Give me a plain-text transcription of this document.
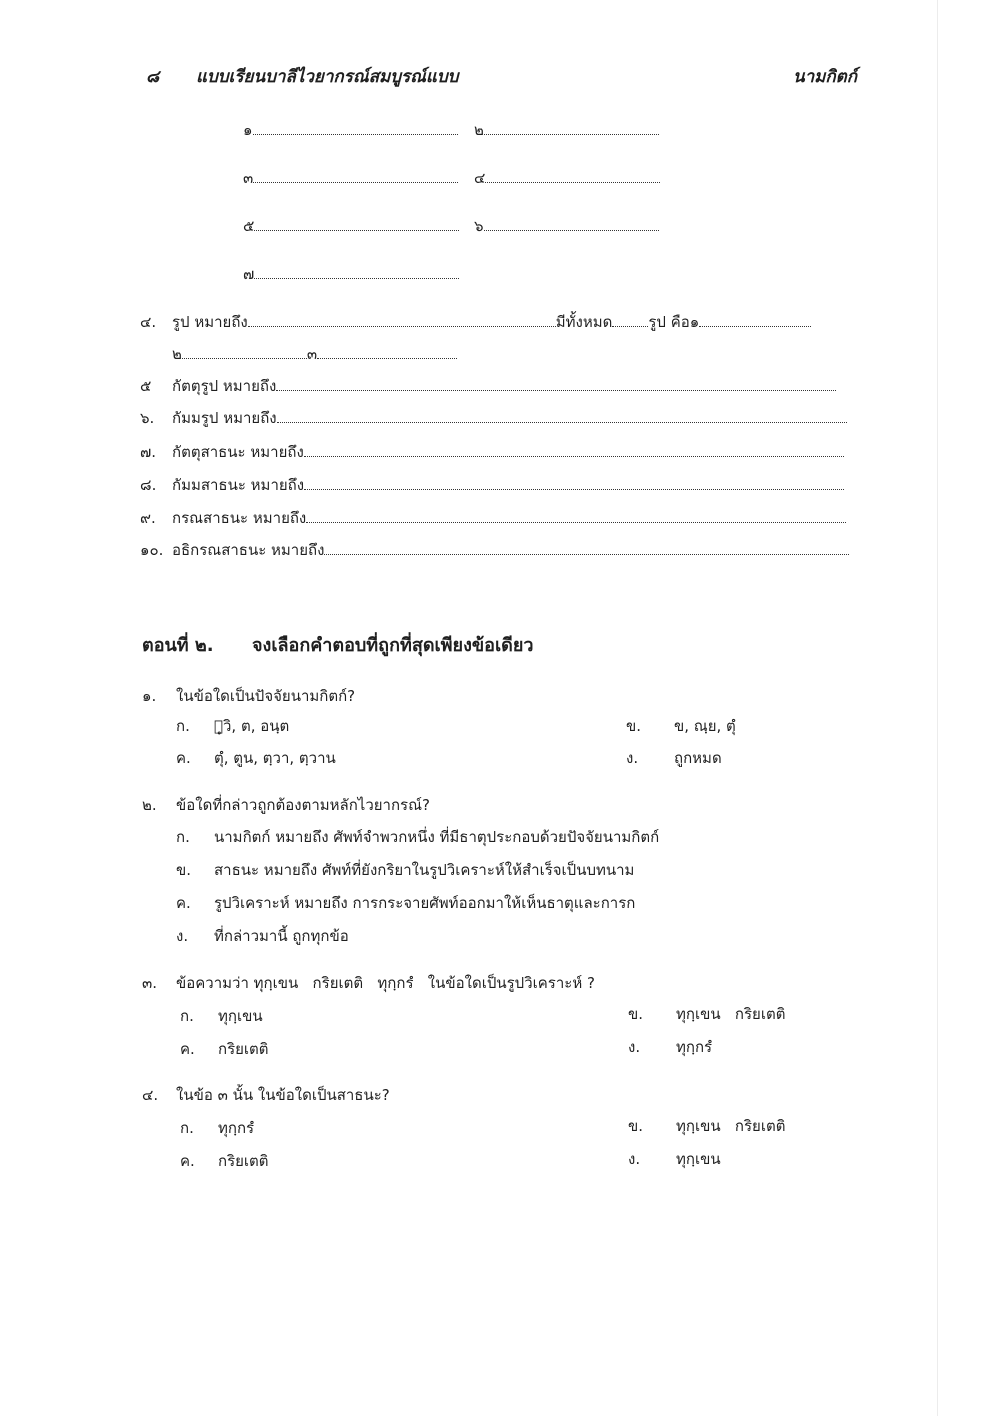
๘ แบบเรียนบาลีไวยากรณ์สมบูรณ์แบบ	นามกิตก์
๑	๒
๓	๔
๕	๖
๗
๔. รูป หมายถึง	มีทั้งหมด รูป คือ๑
๒	๓
๕ กัตตุรูป หมายถึง
๖. กัมมรูป หมายถึง
๗. กัตตุสาธนะ หมายถึง
๘. กัมมสาธนะ หมายถึง
๙. กรณสาธนะ หมายถึง
๑๐. อธิกรณสาธนะ หมายถึง
ตอนที่ ๒. จงเลือกคำตอบที่ถูกที่สุดเพียงข้อเดียว
๑. ในข้อใดเป็นปัจจัยนามกิตก์?
ก. ก̥วิ, ต, อนฺต	ข. ข, ณฺย, ตุํ
ค. ตุํ, ตูน, ตฺวา, ตฺวาน	ง. ถูกหมด
๒. ข้อใดที่กล่าวถูกต้องตามหลักไวยากรณ์?
ก. นามกิตก์ หมายถึง ศัพท์จำพวกหนึ่ง ที่มีธาตุประกอบด้วยปัจจัยนามกิตก์
ข. สาธนะ หมายถึง ศัพท์ที่ยังกริยาในรูปวิเคราะห์ให้สำเร็จเป็นบทนาม
ค. รูปวิเคราะห์ หมายถึง การกระจายศัพท์ออกมาให้เห็นธาตุและการก
ง. ที่กล่าวมานี้ ถูกทุกข้อ
๓. ข้อความว่า ทุกฺเขน   กริยเตติ   ทุกฺกรํ   ในข้อใดเป็นรูปวิเคราะห์ ?
ก. ทุกฺเขน	ข. ทุกฺเขน   กริยเตติ
ค. กริยเตติ	ง. ทุกฺกรํ
๔. ในข้อ ๓ นั้น ในข้อใดเป็นสาธนะ?
ก. ทุกฺกรํ	ข. ทุกฺเขน   กริยเตติ
ค. กริยเตติ	ง. ทุกฺเขน
